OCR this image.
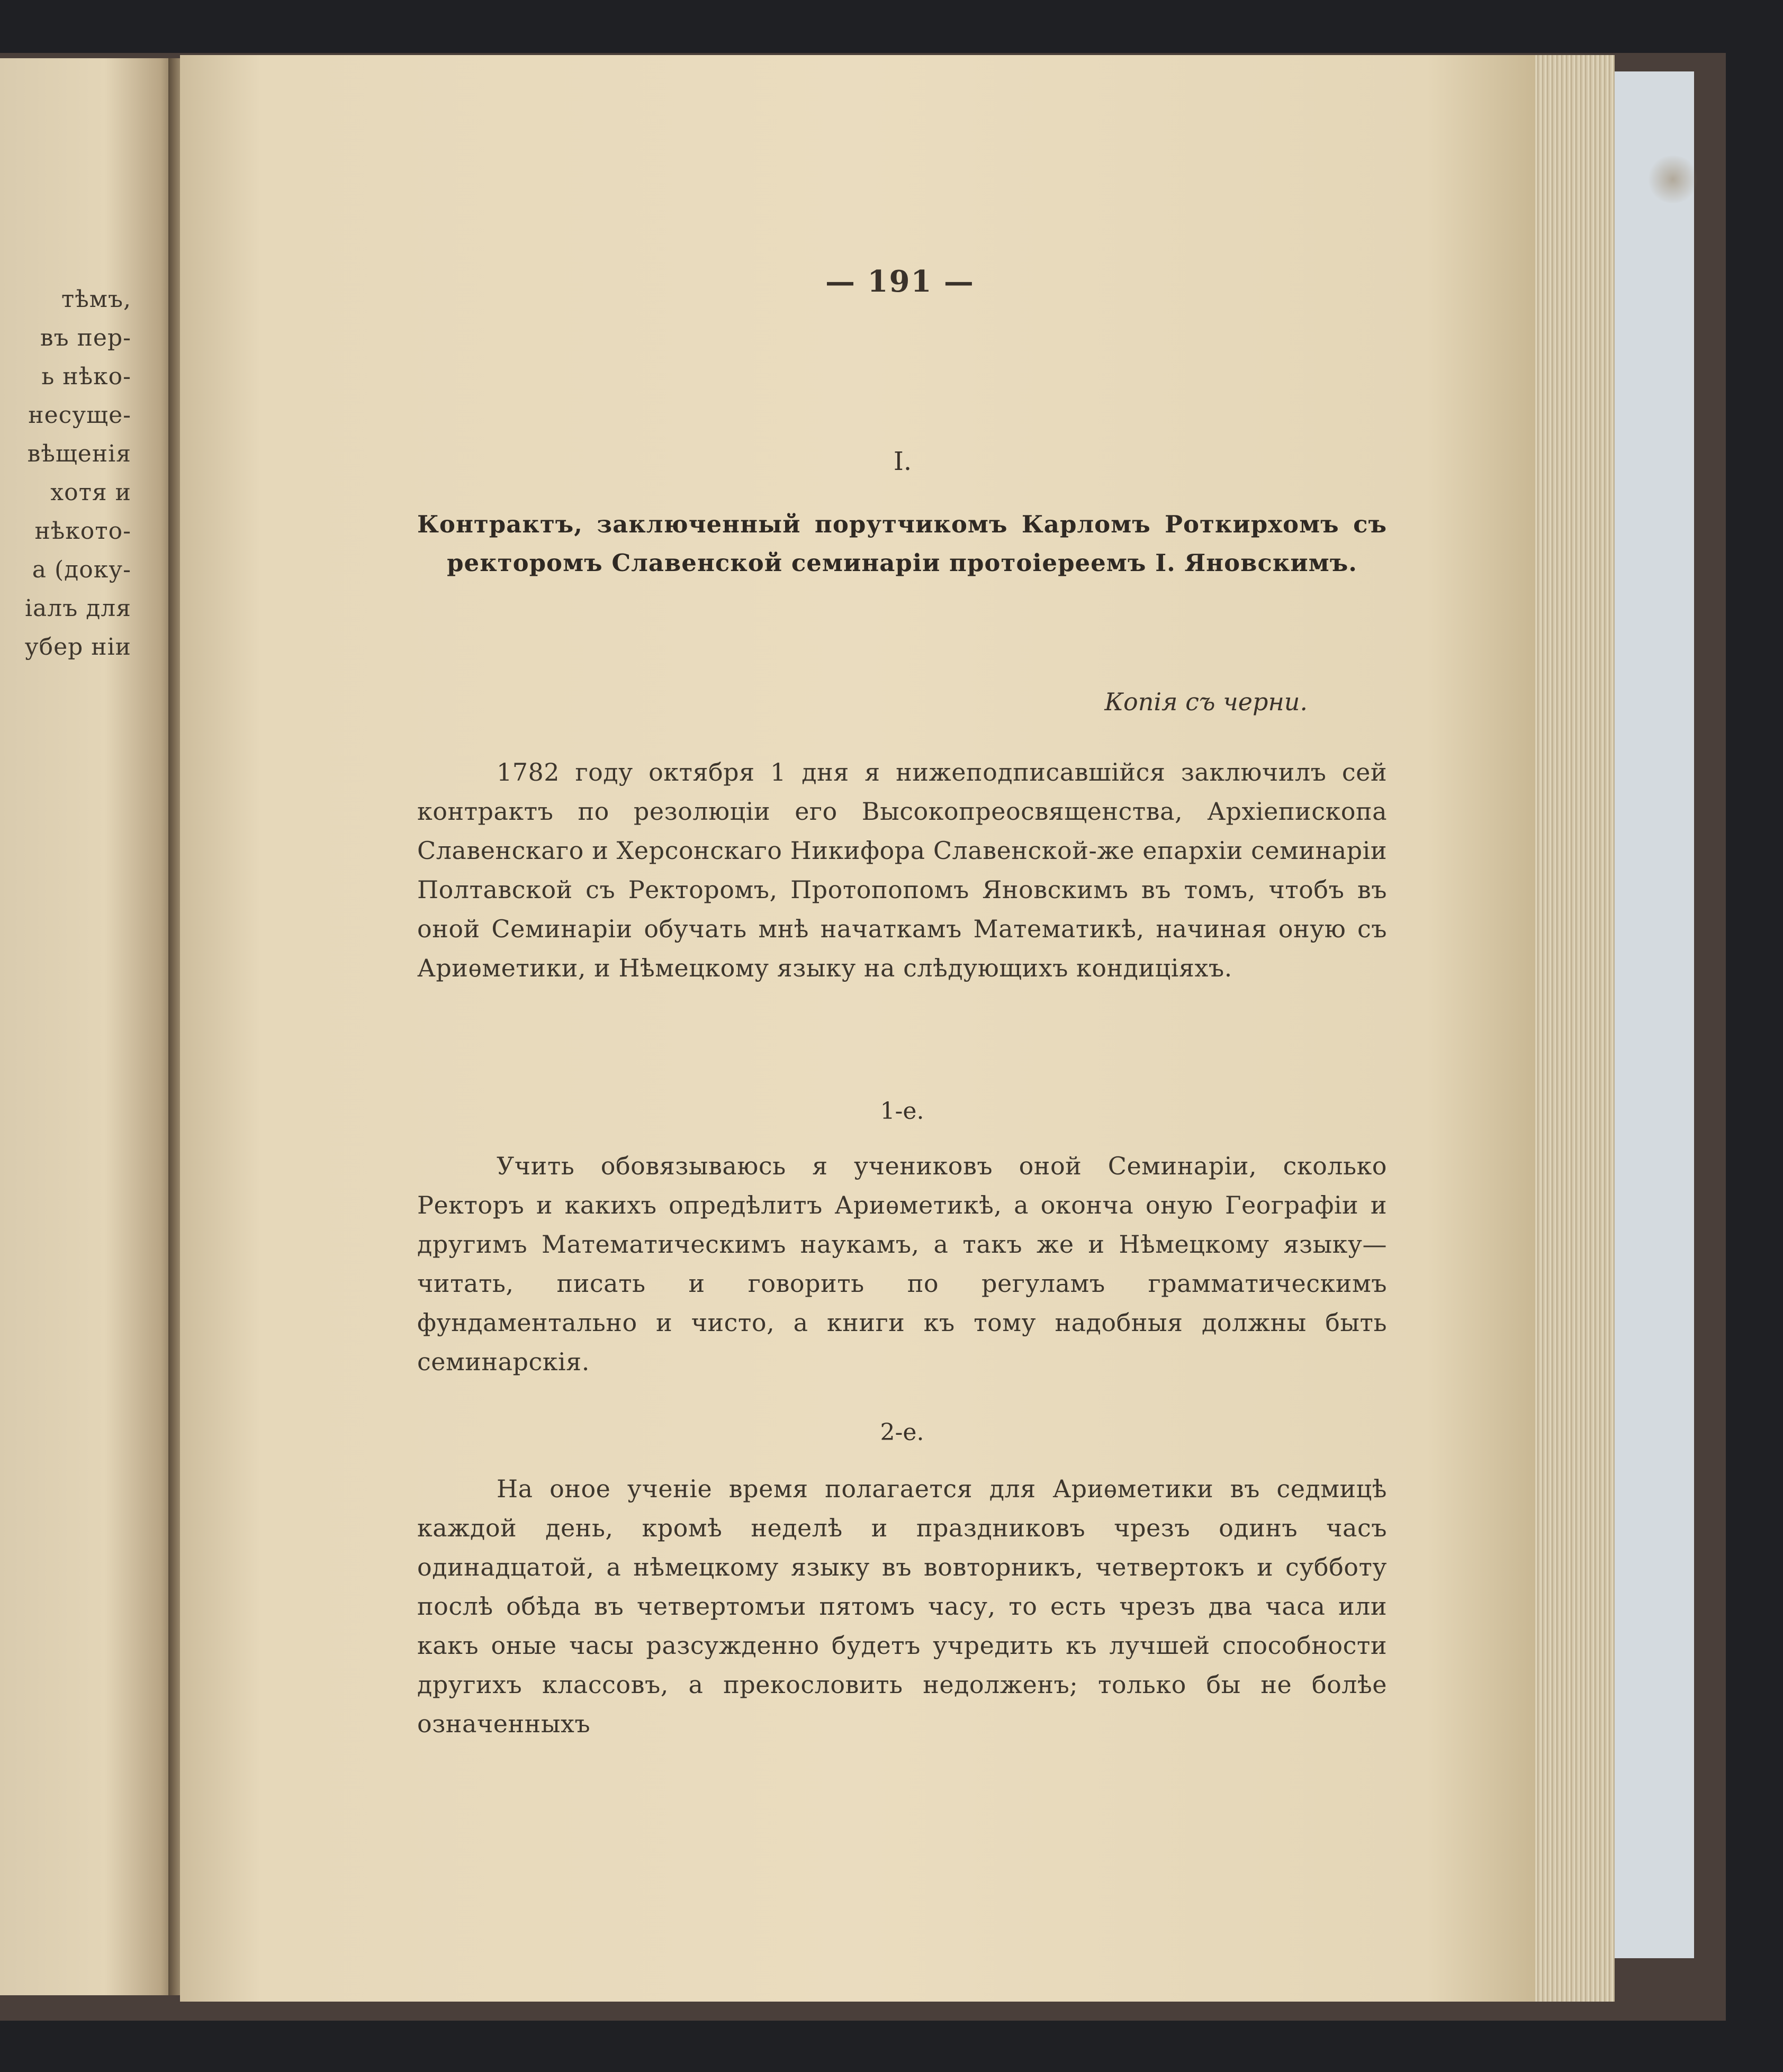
тѣмъ,
въ пер-
ь нѣко-
несуще-
вѣщенія
хотя и
нѣкото-
а (доку-
іалъ для
убер ніи
— 191 —
I.
Контрактъ, заключенный порутчикомъ Карломъ Роткирхомъ съ ректоромъ Славенской семинаріи протоіереемъ І. Яновскимъ.
Копія съ черни.
1782 году октября 1 дня я нижеподписавшійся заключилъ сей контрактъ по резолюціи его Высокопреосвященства, Архіепископа Славенскаго и Херсонскаго Никифора Славенской-же епархіи семинаріи Полтавской съ Ректоромъ, Протопопомъ Яновскимъ въ томъ, чтобъ въ оной Семинаріи обучать мнѣ начаткамъ Математикѣ, начиная оную съ Ариѳметики, и Нѣмецкому языку на слѣдующихъ кондиціяхъ.
1-е.
Учить обовязываюсь я учениковъ оной Семинаріи, сколько Ректоръ и какихъ опредѣлитъ Ариѳметикѣ, а окончa оную Географіи и другимъ Математическимъ наукамъ, а такъ же и Нѣмецкому языку—читать, писать и говорить по регуламъ грамматическимъ фундаментально и чисто, а книги къ тому надобныя должны быть семинарскія.
2-е.
На оное ученіе время полагается для Ариѳметики въ седмицѣ каждой день, кромѣ неделѣ и праздниковъ чрезъ одинъ часъ одинадцатой, а нѣмецкому языку въ вовторникъ, четвертокъ и субботу послѣ обѣда въ четвертомъи пятомъ часу, то есть чрезъ два часа или какъ оные часы разсужденно будетъ учредить къ лучшей способности другихъ классовъ, а прекословить недолженъ; только бы не болѣе означенныхъ
